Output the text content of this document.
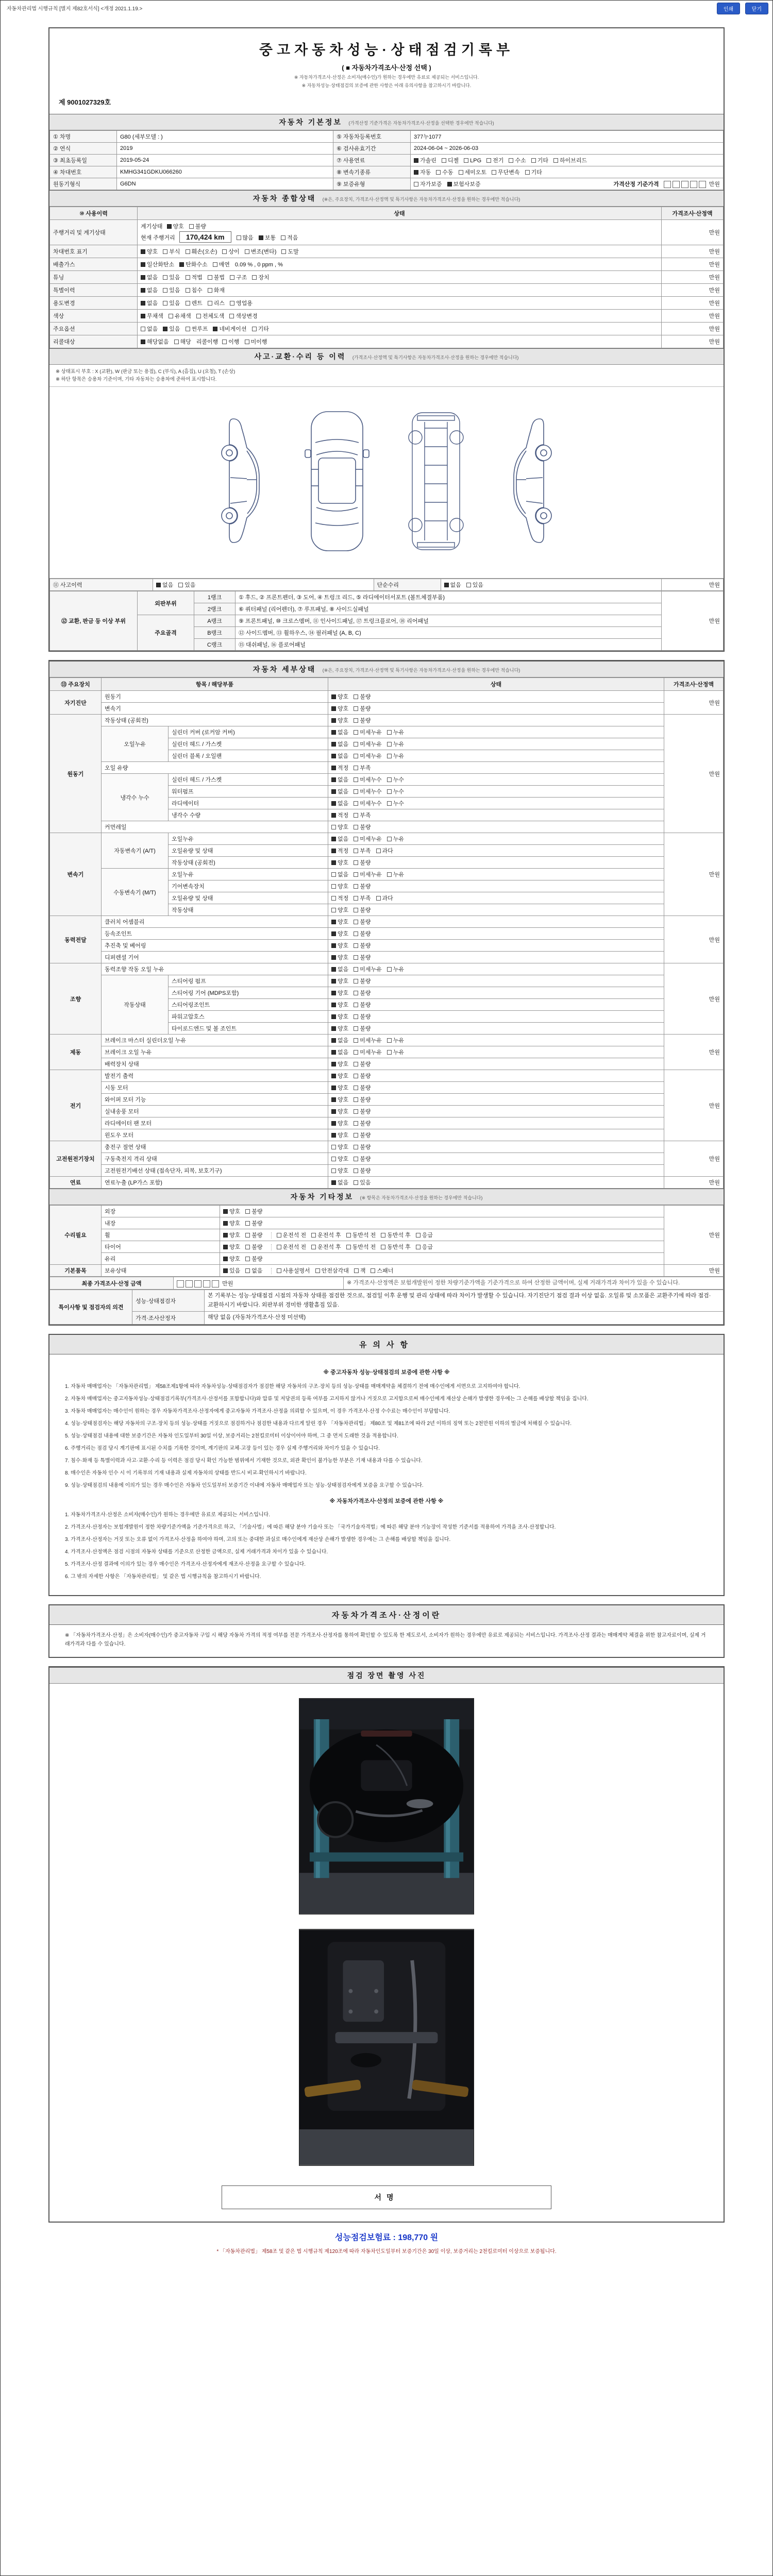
자동차관리법 시행규칙 [별지 제82호서식] <개정 2021.1.19.>	인쇄	닫기
중고자동차성능·상태점검기록부
( ■ 자동차가격조사·산정 선택 )
※ 자동차가격조사·산정은 소비자(매수인)가 원하는 경우에만 유료로 제공되는 서비스입니다.
※ 자동차성능·상태점검의 보증에 관한 사항은 아래 유의사항을 참고하시기 바랍니다.
제 9001027329호
자동차 기본정보 (가격산정 기준가격은 자동차가격조사·산정을 선택한 경우에만 적습니다)
① 차명	G80 (세부모델 : )	⑤ 자동차등록번호	377누1077
② 연식	2019	⑥ 검사유효기간	2024-06-04 ~ 2026-06-03
③ 최초등록일	2019-05-24	⑦ 사용연료	가솔린 디젤 LPG 전기 수소 기타 하이브리드
④ 차대번호	KMHG341GDKU066260	⑧ 변속기종류	자동 수동 세미오토 무단변속 기타
원동기형식	G6DN	⑨ 보증유형	자가보증 보험사보증 가격산정 기준가격 만원
자동차 종합상태 (※은, 주요장치, 가격조사·산정액 및 특기사항은 자동차가격조사·산정을 원하는 경우에만 적습니다)
⑩ 사용이력	상태	가격조사·산정액
주행거리 및 계기상태	계기상태 양호 불량
현재 주행거리 170,424 km 많음 보통 적음	만원
차대번호 표기	양호 부식 훼손(오손) 상이 변조(변타) 도말	만원
배출가스	일산화탄소 탄화수소 매연 0.09 % , 0 ppm , %	만원
튜닝	없음 있음 적법 불법 구조 장치	만원
특별이력	없음 있음 침수 화재	만원
용도변경	없음 있음 렌트 리스 영업용	만원
색상	무채색 유채색 전체도색 색상변경	만원
주요옵션	없음 있음 썬루프 네비게이션 기타	만원
리콜대상	해당없음 해당 리콜이행 이행 미이행	만원
사고·교환·수리 등 이력 (가격조사·산정액 및 특기사항은 자동차가격조사·산정을 원하는 경우에만 적습니다)
※ 상태표시 부호 : X (교환), W (판금 또는 용접), C (부식), A (흠집), U (요철), T (손상)
※ 하단 항목은 승용차 기준이며, 기타 자동차는 승용차에 준하여 표시합니다.
⑪ 사고이력	없음 있음	단순수리	없음 있음	만원
⑫ 교환, 판금 등 이상 부위	외판부위	1랭크	① 후드, ② 프론트펜더, ③ 도어, ④ 트렁크 리드, ⑤ 라디에이터서포트 (볼트체결부품)	만원
		2랭크	⑥ 쿼터패널 (리어펜더), ⑦ 루프패널, ⑧ 사이드실패널	
	주요골격	A랭크	⑨ 프론트패널, ⑩ 크로스멤버, ⑪ 인사이드패널, ⑰ 트렁크플로어, ⑱ 리어패널	
		B랭크	⑫ 사이드멤버, ⑬ 휠하우스, ⑭ 필러패널 (A, B, C)	
		C랭크	⑮ 대쉬패널, ⑯ 플로어패널	
자동차 세부상태 (※은, 주요장치, 가격조사·산정액 및 특기사항은 자동차가격조사·산정을 원하는 경우에만 적습니다)
⑬ 주요장치	항목 / 해당부품		상태	가격조사·산정액
자기진단	원동기		양호 불량	만원
	변속기		양호 불량	
원동기	작동상태 (공회전)		양호 불량	만원
	오일누유	실린더 커버 (로커암 커버)	없음 미세누유 누유	
		실린더 헤드 / 가스켓	없음 미세누유 누유	
		실린더 블록 / 오일팬	없음 미세누유 누유	
	오일 유량		적정 부족	
	냉각수 누수	실린더 헤드 / 가스켓	없음 미세누수 누수	
		워터펌프	없음 미세누수 누수	
		라디에이터	없음 미세누수 누수	
		냉각수 수량	적정 부족	
	커먼레일		양호 불량	
변속기	자동변속기 (A/T)	오일누유	없음 미세누유 누유	만원
		오일유량 및 상태	적정 부족 과다	
		작동상태 (공회전)	양호 불량	
	수동변속기 (M/T)	오일누유	없음 미세누유 누유	
		기어변속장치	양호 불량	
		오일유량 및 상태	적정 부족 과다	
		작동상태	양호 불량	
동력전달	클러치 어셈블리		양호 불량	만원
	등속조인트		양호 불량	
	추진축 및 베어링		양호 불량	
	디퍼렌셜 기어		양호 불량	
조향	동력조향 작동 오일 누유		없음 미세누유 누유	만원
	작동상태	스티어링 펌프	양호 불량	
		스티어링 기어 (MDPS포함)	양호 불량	
		스티어링조인트	양호 불량	
		파워고압호스	양호 불량	
		타이로드엔드 및 볼 조인트	양호 불량	
제동	브레이크 마스터 실린더오일 누유		없음 미세누유 누유	만원
	브레이크 오일 누유		없음 미세누유 누유	
	배력장치 상태		양호 불량	
전기	발전기 출력		양호 불량	만원
	시동 모터		양호 불량	
	와이퍼 모터 기능		양호 불량	
	실내송풍 모터		양호 불량	
	라디에이터 팬 모터		양호 불량	
	윈도우 모터		양호 불량	
고전원전기장치	충전구 절연 상태		양호 불량	만원
	구동축전지 격리 상태		양호 불량	
	고전원전기배선 상태 (접속단자, 피복, 보호기구)		양호 불량	
연료	연료누출 (LP가스 포함)		없음 있음	만원
자동차 기타정보 (※ 항목은 자동차가격조사·산정을 원하는 경우에만 적습니다)
수리필요	외장	양호 불량	만원
	내장	양호 불량	
	휠	양호 불량 운전석 전 운전석 후 동반석 전 동반석 후 응급	
	타이어	양호 불량 운전석 전 운전석 후 동반석 전 동반석 후 응급	
	유리	양호 불량	
기본품목	보유상태	있음 없음 사용설명서 안전삼각대 잭 스패너	만원
최종 가격조사·산정 금액	만원	※ 가격조사·산정액은 보험개발원이 정한 차량기준가액을 기준가격으로 하여 산정한 금액이며, 실제 거래가격과 차이가 있을 수 있습니다.
특이사항 및 점검자의 의견	성능·상태점검자	본 기록부는 성능·상태점검 시점의 자동차 상태를 점검한 것으로, 점검일 이후 운행 및 관리 상태에 따라 차이가 발생할 수 있습니다. 자기진단기 점검 결과 이상 없음. 오일류 및 소모품은 교환주기에 따라 점검·교환하시기 바랍니다. 외판부위 경미한 생활흠집 있음.
	가격·조사산정자	해당 없음 (자동차가격조사·산정 미선택)
유의사항
※ 중고자동차 성능·상태점검의 보증에 관한 사항 ※
1. 자동차 매매업자는 「자동차관리법」 제58조제1항에 따라 자동차성능·상태점검자가 점검한 해당 자동차의 구조·장치 등의 성능·상태를 매매계약을 체결하기 전에 매수인에게 서면으로 고지하여야 합니다.
2. 자동차 매매업자는 중고자동차성능·상태점검기록부(가격조사·산정서를 포함합니다)와 압류 및 저당권의 등록 여부를 고지하지 않거나 거짓으로 고지함으로써 매수인에게 재산상 손해가 발생한 경우에는 그 손해를 배상할 책임을 집니다.
3. 자동차 매매업자는 매수인이 원하는 경우 자동차가격조사·산정자에게 중고자동차 가격조사·산정을 의뢰할 수 있으며, 이 경우 가격조사·산정 수수료는 매수인이 부담합니다.
4. 성능·상태점검자는 해당 자동차의 구조·장치 등의 성능·상태를 거짓으로 점검하거나 점검한 내용과 다르게 알린 경우 「자동차관리법」 제80조 및 제81조에 따라 2년 이하의 징역 또는 2천만원 이하의 벌금에 처해질 수 있습니다.
5. 성능·상태점검 내용에 대한 보증기간은 자동차 인도일부터 30일 이상, 보증거리는 2천킬로미터 이상이어야 하며, 그 중 먼저 도래한 것을 적용합니다.
6. 주행거리는 점검 당시 계기판에 표시된 수치를 기록한 것이며, 계기판의 교체·고장 등이 있는 경우 실제 주행거리와 차이가 있을 수 있습니다.
7. 침수·화재 등 특별이력과 사고·교환·수리 등 이력은 점검 당시 확인 가능한 범위에서 기재한 것으로, 외관 확인이 불가능한 부분은 기재 내용과 다를 수 있습니다.
8. 매수인은 자동차 인수 시 이 기록부의 기재 내용과 실제 자동차의 상태를 반드시 비교·확인하시기 바랍니다.
9. 성능·상태점검의 내용에 이의가 있는 경우 매수인은 자동차 인도일부터 보증기간 이내에 자동차 매매업자 또는 성능·상태점검자에게 보증을 요구할 수 있습니다.
※ 자동차가격조사·산정의 보증에 관한 사항 ※
1. 자동차가격조사·산정은 소비자(매수인)가 원하는 경우에만 유료로 제공되는 서비스입니다.
2. 가격조사·산정자는 보험개발원이 정한 차량기준가액을 기준가격으로 하고, 「기술사법」에 따른 해당 분야 기술사 또는 「국가기술자격법」에 따른 해당 분야 기능장이 작성한 기준서를 적용하여 가격을 조사·산정합니다.
3. 가격조사·산정자는 거짓 또는 오류 없이 가격조사·산정을 하여야 하며, 고의 또는 중대한 과실로 매수인에게 재산상 손해가 발생한 경우에는 그 손해를 배상할 책임을 집니다.
4. 가격조사·산정액은 점검 시점의 자동차 상태를 기준으로 산정한 금액으로, 실제 거래가격과 차이가 있을 수 있습니다.
5. 가격조사·산정 결과에 이의가 있는 경우 매수인은 가격조사·산정자에게 재조사·산정을 요구할 수 있습니다.
6. 그 밖의 자세한 사항은 「자동차관리법」 및 같은 법 시행규칙을 참고하시기 바랍니다.
자동차가격조사·산정이란
※ 「자동차가격조사·산정」은 소비자(매수인)가 중고자동차 구입 시 해당 자동차 가격의 적정 여부를 전문 가격조사·산정자를 통하여 확인할 수 있도록 한 제도로서, 소비자가 원하는 경우에만 유료로 제공되는 서비스입니다. 가격조사·산정 결과는 매매계약 체결을 위한 참고자료이며, 실제 거래가격과 다를 수 있습니다.
점검 장면 촬영 사진
서명
성능점검보험료 : 198,770 원
* 「자동차관리법」 제58조 및 같은 법 시행규칙 제120조에 따라 자동차인도일부터 보증기간은 30일 이상, 보증거리는 2천킬로미터 이상으로 보증됩니다.
